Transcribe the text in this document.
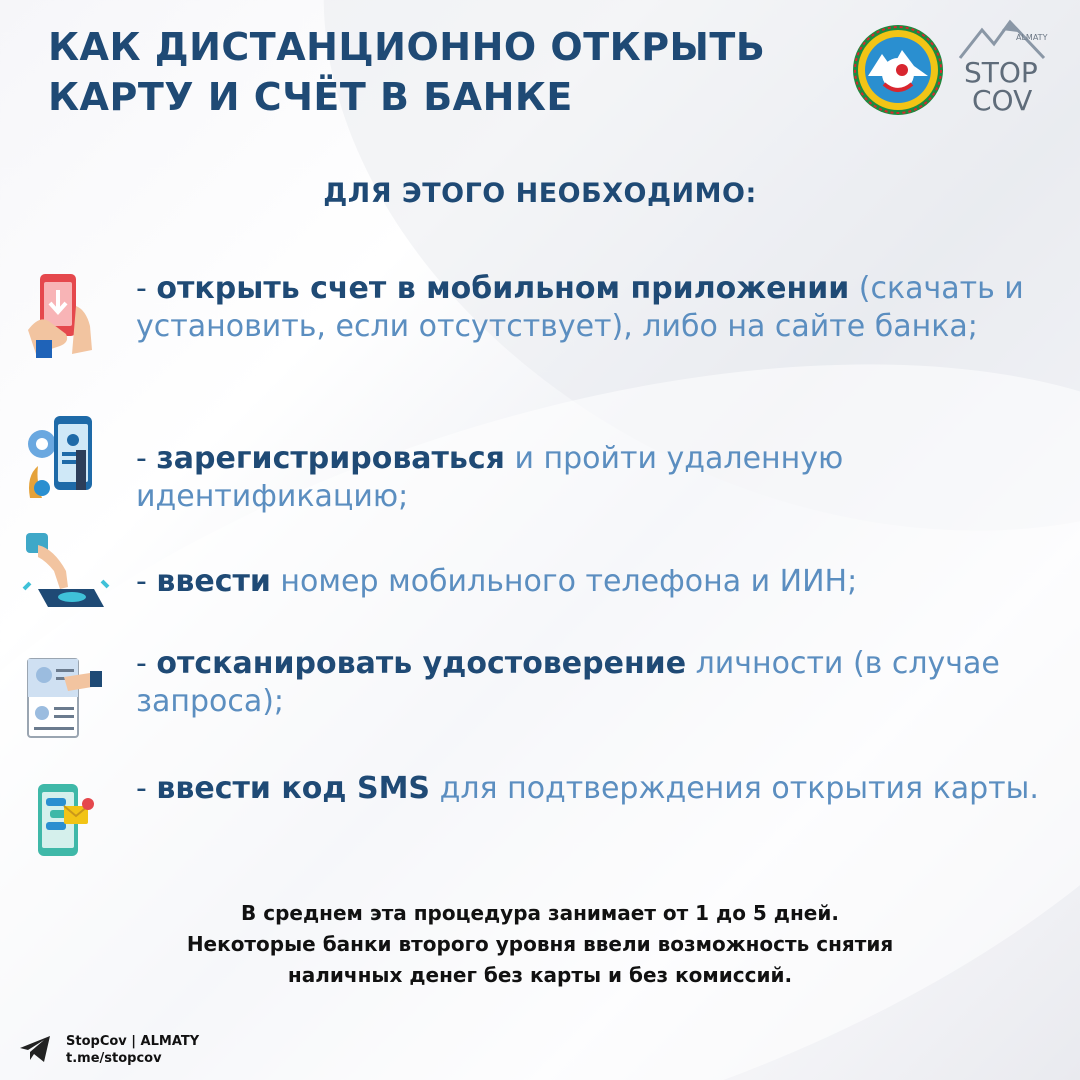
КАК ДИСТАНЦИОННО ОТКРЫТЬ
КАРТУ И СЧЁТ В БАНКЕ
ALMATY
STOP
COV
ДЛЯ ЭТОГО НЕОБХОДИМО:
- открыть счет в мобильном приложении (скачать и установить, если отсутствует), либо на сайте банка;
- зарегистрироваться и пройти удаленную идентификацию;
- ввести номер мобильного телефона и ИИН;
- отсканировать удостоверение личности (в случае запроса);
- ввести код SMS для подтверждения открытия карты.
В среднем эта процедура занимает от 1 до 5 дней.
Некоторые банки второго уровня ввели возможность снятия
наличных денег без карты и без комиссий.
StopCov | ALMATY
t.me/stopcov
